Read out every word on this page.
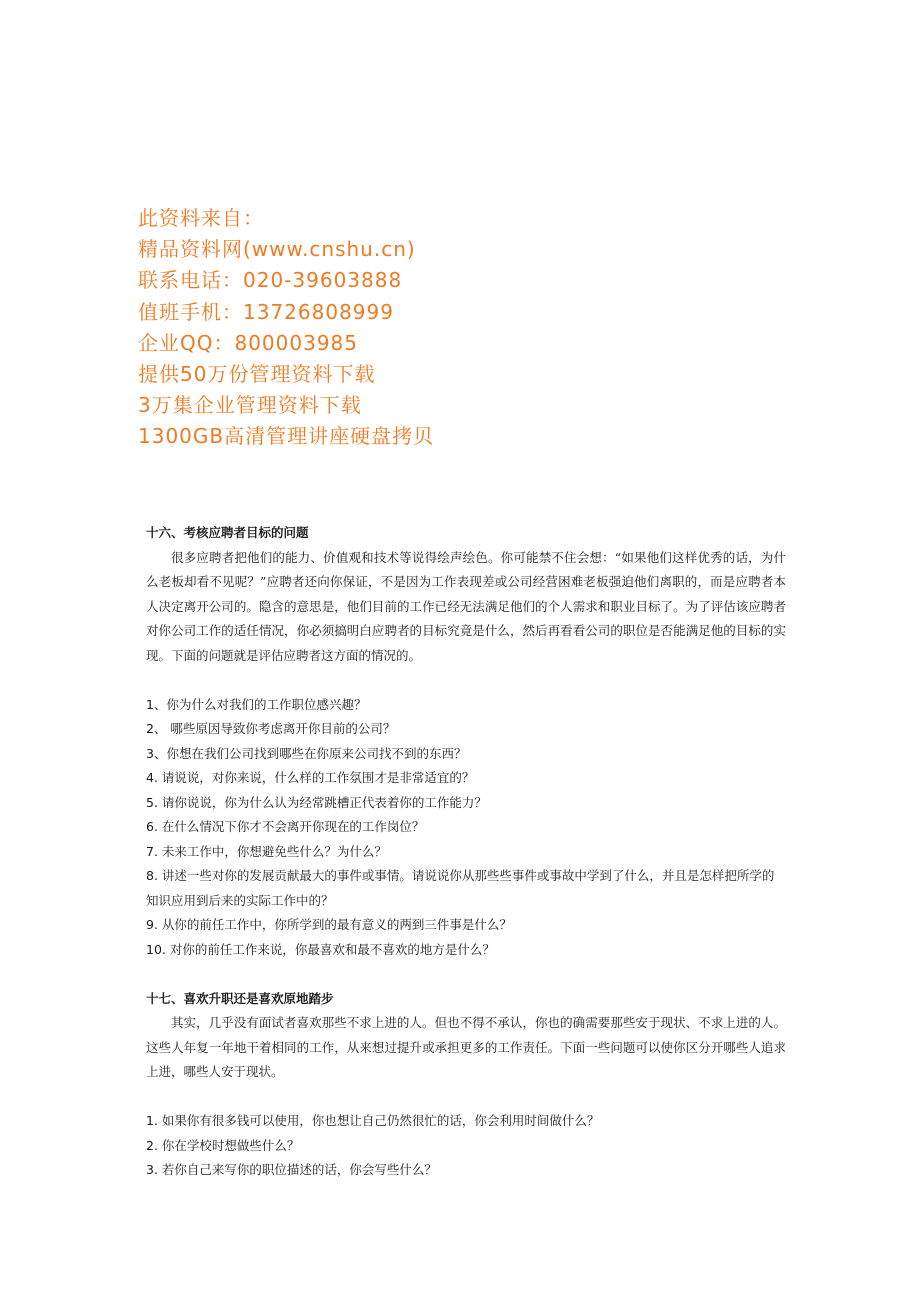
此资料来自：
精品资料网(www.cnshu.cn)
联系电话：020-39603888
值班手机：13726808999
企业QQ：800003985
提供50万份管理资料下载
3万集企业管理资料下载
1300GB高清管理讲座硬盘拷贝
十六、考核应聘者目标的问题

很多应聘者把他们的能力、价值观和技术等说得绘声绘色。你可能禁不住会想：“如果他们这样优秀的话，为什么老板却看不见呢？”应聘者还向你保证，不是因为工作表现差或公司经营困难老板强迫他们离职的，而是应聘者本人决定离开公司的。隐含的意思是，他们目前的工作已经无法满足他们的个人需求和职业目标了。为了评估该应聘者对你公司工作的适任情况，你必须搞明白应聘者的目标究竟是什么，然后再看看公司的职位是否能满足他的目标的实现。下面的问题就是评估应聘者这方面的情况的。

1、你为什么对我们的工作职位感兴趣？

2、 哪些原因导致你考虑离开你目前的公司？

3、你想在我们公司找到哪些在你原来公司找不到的东西？

4. 请说说，对你来说，什么样的工作氛围才是非常适宜的？

5. 请你说说，你为什么认为经常跳槽正代表着你的工作能力？

6. 在什么情况下你才不会离开你现在的工作岗位？

7. 未来工作中，你想避免些什么？为什么？

8. 讲述一些对你的发展贡献最大的事件或事情。请说说你从那些些事件或事故中学到了什么，并且是怎样把所学的知识应用到后来的实际工作中的？

9. 从你的前任工作中，你所学到的最有意义的两到三件事是什么？

10. 对你的前任工作来说，你最喜欢和最不喜欢的地方是什么？

十七、喜欢升职还是喜欢原地踏步

其实，几乎没有面试者喜欢那些不求上进的人。但也不得不承认，你也的确需要那些安于现状、不求上进的人。这些人年复一年地干着相同的工作，从来想过提升或承担更多的工作责任。下面一些问题可以使你区分开哪些人追求上进，哪些人安于现状。

1. 如果你有很多钱可以使用，你也想让自己仍然很忙的话，你会利用时间做什么？

2. 你在学校时想做些什么？

3. 若你自己来写你的职位描述的话，你会写些什么？
